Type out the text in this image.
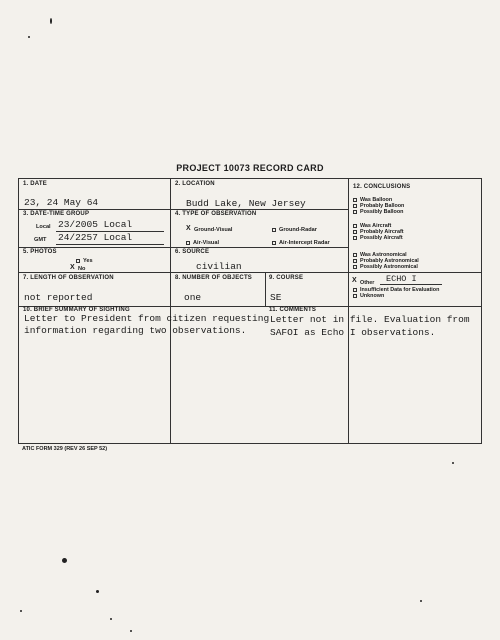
PROJECT 10073 RECORD CARD
1. DATE
23, 24 May 64
2. LOCATION
Budd Lake, New Jersey
3. DATE-TIME GROUP
Local 23/2005 Local
GMT 24/2257 Local
4. TYPE OF OBSERVATION
X Ground-Visual	Ground-Radar
Air-Visual	Air-Intercept Radar
5. PHOTOS
Yes
X No
6. SOURCE
civilian
7. LENGTH OF OBSERVATION
not reported
8. NUMBER OF OBJECTS
one
9. COURSE
SE
10. BRIEF SUMMARY OF SIGHTING
Letter to President from citizen requesting
information regarding two observations.
11. COMMENTS
Letter not in file. Evaluation from
SAFOI as Echo I observations.
12. CONCLUSIONS
Was Balloon
Probably Balloon
Possibly Balloon
Was Aircraft
Probably Aircraft
Possibly Aircraft
Was Astronomical
Probably Astronomical
Possibly Astronomical
X Other ECHO I
Insufficient Data for Evaluation
Unknown
ATIC FORM 329 (REV 26 SEP 52)
